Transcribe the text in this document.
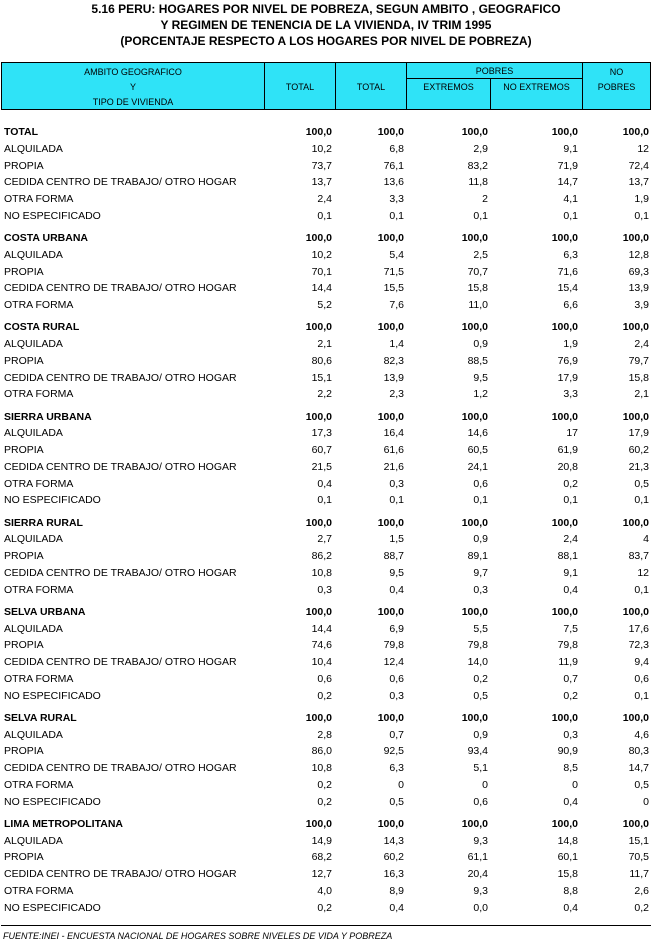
5.16 PERU: HOGARES POR NIVEL DE POBREZA, SEGUN AMBITO , GEOGRAFICO
Y REGIMEN DE TENENCIA DE LA VIVIENDA, IV TRIM 1995
(PORCENTAJE RESPECTO A LOS HOGARES POR NIVEL DE POBREZA)
AMBITO GEOGRAFICO
Y
TIPO DE VIVIENDA
TOTAL	TOTAL
POBRES
EXTREMOS	NO EXTREMOS
NO
POBRES
TOTAL	100,0	100,0	100,0	100,0	100,0
ALQUILADA	10,2	6,8	2,9	9,1	12
PROPIA	73,7	76,1	83,2	71,9	72,4
CEDIDA CENTRO DE TRABAJO/ OTRO HOGAR	13,7	13,6	11,8	14,7	13,7
OTRA FORMA	2,4	3,3	2	4,1	1,9
NO ESPECIFICADO	0,1	0,1	0,1	0,1	0,1
COSTA URBANA	100,0	100,0	100,0	100,0	100,0
ALQUILADA	10,2	5,4	2,5	6,3	12,8
PROPIA	70,1	71,5	70,7	71,6	69,3
CEDIDA CENTRO DE TRABAJO/ OTRO HOGAR	14,4	15,5	15,8	15,4	13,9
OTRA FORMA	5,2	7,6	11,0	6,6	3,9
COSTA RURAL	100,0	100,0	100,0	100,0	100,0
ALQUILADA	2,1	1,4	0,9	1,9	2,4
PROPIA	80,6	82,3	88,5	76,9	79,7
CEDIDA CENTRO DE TRABAJO/ OTRO HOGAR	15,1	13,9	9,5	17,9	15,8
OTRA FORMA	2,2	2,3	1,2	3,3	2,1
SIERRA URBANA	100,0	100,0	100,0	100,0	100,0
ALQUILADA	17,3	16,4	14,6	17	17,9
PROPIA	60,7	61,6	60,5	61,9	60,2
CEDIDA CENTRO DE TRABAJO/ OTRO HOGAR	21,5	21,6	24,1	20,8	21,3
OTRA FORMA	0,4	0,3	0,6	0,2	0,5
NO ESPECIFICADO	0,1	0,1	0,1	0,1	0,1
SIERRA RURAL	100,0	100,0	100,0	100,0	100,0
ALQUILADA	2,7	1,5	0,9	2,4	4
PROPIA	86,2	88,7	89,1	88,1	83,7
CEDIDA CENTRO DE TRABAJO/ OTRO HOGAR	10,8	9,5	9,7	9,1	12
OTRA FORMA	0,3	0,4	0,3	0,4	0,1
SELVA URBANA	100,0	100,0	100,0	100,0	100,0
ALQUILADA	14,4	6,9	5,5	7,5	17,6
PROPIA	74,6	79,8	79,8	79,8	72,3
CEDIDA CENTRO DE TRABAJO/ OTRO HOGAR	10,4	12,4	14,0	11,9	9,4
OTRA FORMA	0,6	0,6	0,2	0,7	0,6
NO ESPECIFICADO	0,2	0,3	0,5	0,2	0,1
SELVA RURAL	100,0	100,0	100,0	100,0	100,0
ALQUILADA	2,8	0,7	0,9	0,3	4,6
PROPIA	86,0	92,5	93,4	90,9	80,3
CEDIDA CENTRO DE TRABAJO/ OTRO HOGAR	10,8	6,3	5,1	8,5	14,7
OTRA FORMA	0,2	0	0	0	0,5
NO ESPECIFICADO	0,2	0,5	0,6	0,4	0
LIMA METROPOLITANA	100,0	100,0	100,0	100,0	100,0
ALQUILADA	14,9	14,3	9,3	14,8	15,1
PROPIA	68,2	60,2	61,1	60,1	70,5
CEDIDA CENTRO DE TRABAJO/ OTRO HOGAR	12,7	16,3	20,4	15,8	11,7
OTRA FORMA	4,0	8,9	9,3	8,8	2,6
NO ESPECIFICADO	0,2	0,4	0,0	0,4	0,2
FUENTE:INEI - ENCUESTA NACIONAL DE HOGARES SOBRE NIVELES DE VIDA Y POBREZA
